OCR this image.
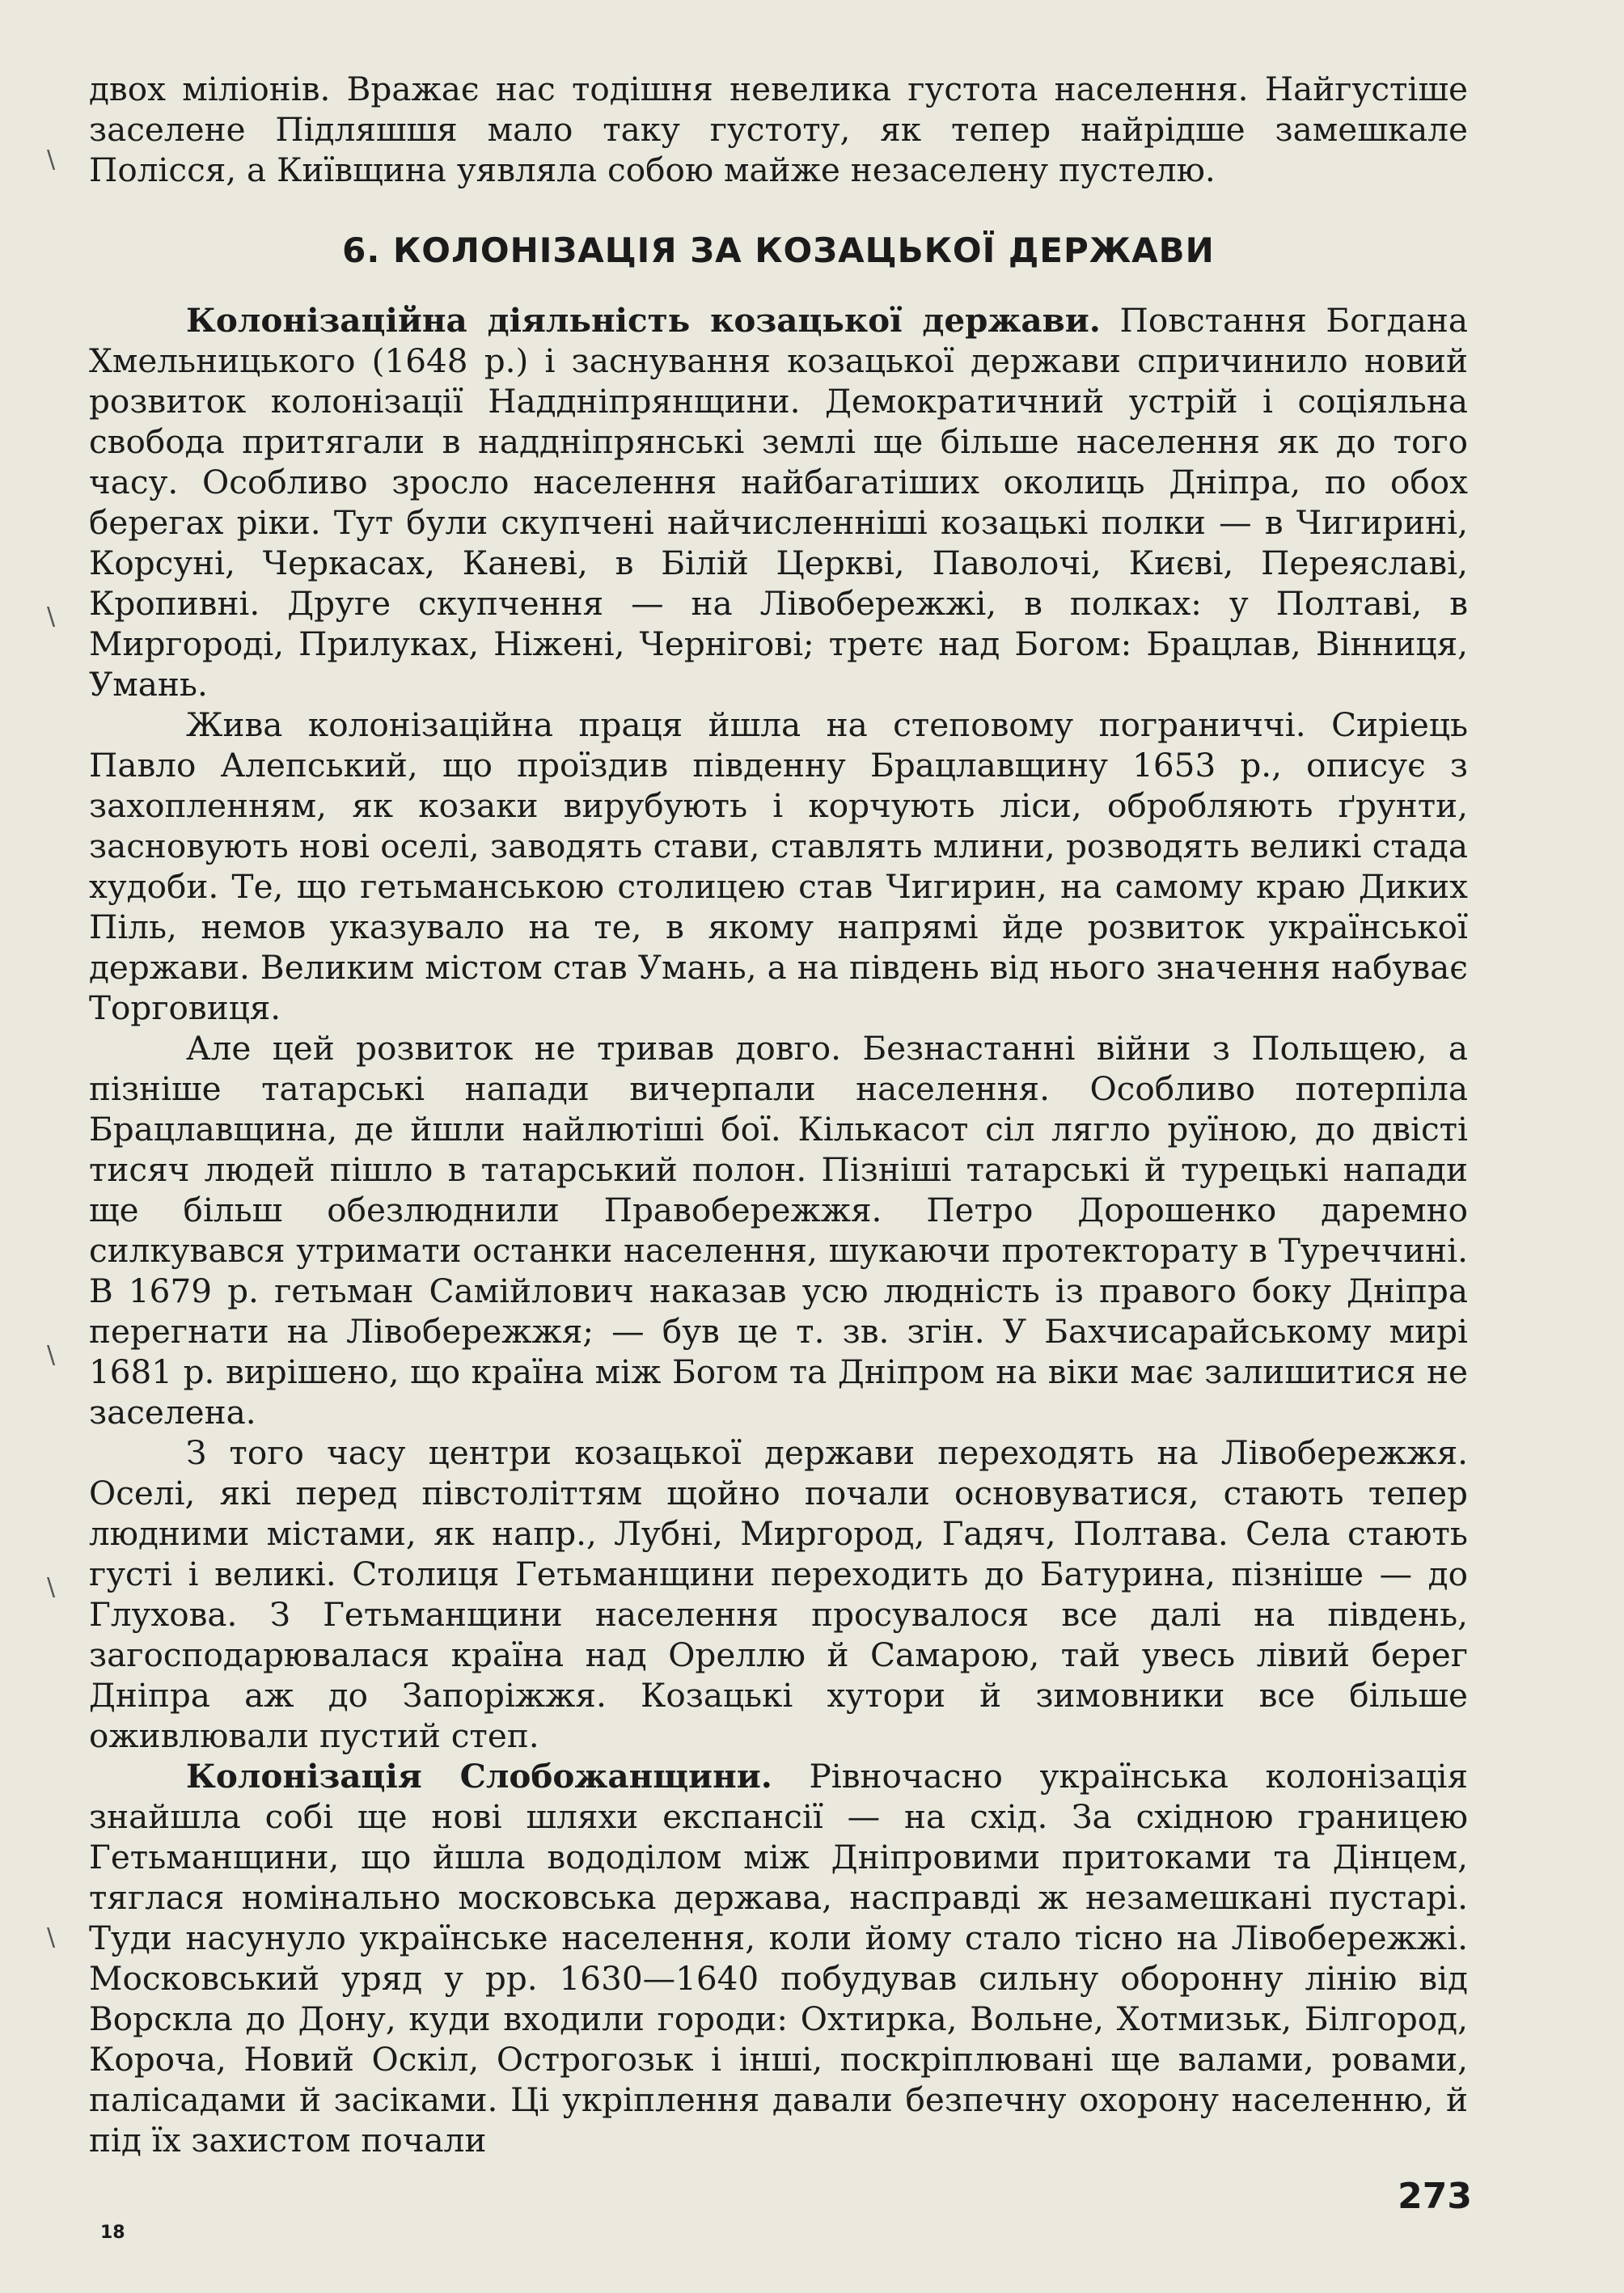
двох міліонів. Вражає нас тодішня невелика густота населення. Найгустіше заселене Підляшшя мало таку густоту, як тепер найрідше замешкале Полісся, а Київщина уявляла собою майже незаселену пустелю.

6. КОЛОНІЗАЦІЯ ЗА КОЗАЦЬКОЇ ДЕРЖАВИ

Колонізаційна діяльність козацької держави. Повстання Богдана Хмельницького (1648 р.) і заснування козацької держави спричинило новий розвиток колонізації Наддніпрянщини. Демократичний устрій і соціяльна свобода притягали в наддніпрянські землі ще більше населення як до того часу. Особливо зросло населення найбагатіших околиць Дніпра, по обох берегах ріки. Тут були скупчені найчисленніші козацькі полки — в Чигирині, Корсуні, Черкасах, Каневі, в Білій Церкві, Паволочі, Києві, Переяславі, Кропивні. Друге скупчення — на Лівобережжі, в полках: у Полтаві, в Миргороді, Прилуках, Ніжені, Чернігові; третє над Богом: Брацлав, Вінниця, Умань.

Жива колонізаційна праця йшла на степовому пограниччі. Сиріець Павло Алепський, що проїздив південну Брацлавщину 1653 р., описує з захопленням, як козаки вирубують і корчують ліси, обробляють ґрунти, засновують нові оселі, заводять стави, ставлять млини, розводять великі стада худоби. Те, що гетьманською столицею став Чигирин, на самому краю Диких Піль, немов указувало на те, в якому напрямі йде розвиток української держави. Великим містом став Умань, а на південь від нього значення набуває Торговиця.

Але цей розвиток не тривав довго. Безнастанні війни з Польщею, а пізніше татарські напади вичерпали населення. Особливо потерпіла Брацлавщина, де йшли найлютіші бої. Кількасот сіл лягло руїною, до двісті тисяч людей пішло в татарський полон. Пізніші татарські й турецькі напади ще більш обезлюднили Правобережжя. Петро Дорошенко даремно силкувався утримати останки населення, шукаючи протекторату в Туреччині. В 1679 р. гетьман Самійлович наказав усю людність із правого боку Дніпра перегнати на Лівобережжя; — був це т. зв. згін. У Бахчисарайському мирі 1681 р. вирішено, що країна між Богом та Дніпром на віки має залишитися не заселена.

З того часу центри козацької держави переходять на Лівобережжя. Оселі, які перед півстоліттям щойно почали основуватися, стають тепер людними містами, як напр., Лубні, Миргород, Гадяч, Полтава. Села стають густі і великі. Столиця Гетьманщини переходить до Батурина, пізніше — до Глухова. З Гетьманщини населення просувалося все далі на південь, загосподарювалася країна над Ореллю й Самарою, тай увесь лівий берег Дніпра аж до Запоріжжя. Козацькі хутори й зимовники все більше оживлювали пустий степ.

Колонізація Слобожанщини. Рівночасно українська колонізація знайшла собі ще нові шляхи експансії — на схід. За східною границею Гетьманщини, що йшла вододілом між Дніпровими притоками та Дінцем, тяглася номінально московська держава, насправді ж незамешкані пустарі. Туди насунуло українське населення, коли йому стало тісно на Лівобережжі. Московський уряд у рр. 1630—1640 побудував сильну оборонну лінію від Ворскла до Дону, куди входили городи: Охтирка, Вольне, Хотмизьк, Білгород, Короча, Новий Оскіл, Острогозьк і інші, поскріплювані ще валами, ровами, палісадами й засіками. Ці укріплення давали безпечну охорону населенню, й під їх захистом почали

\
\
\
\
\
273
18
